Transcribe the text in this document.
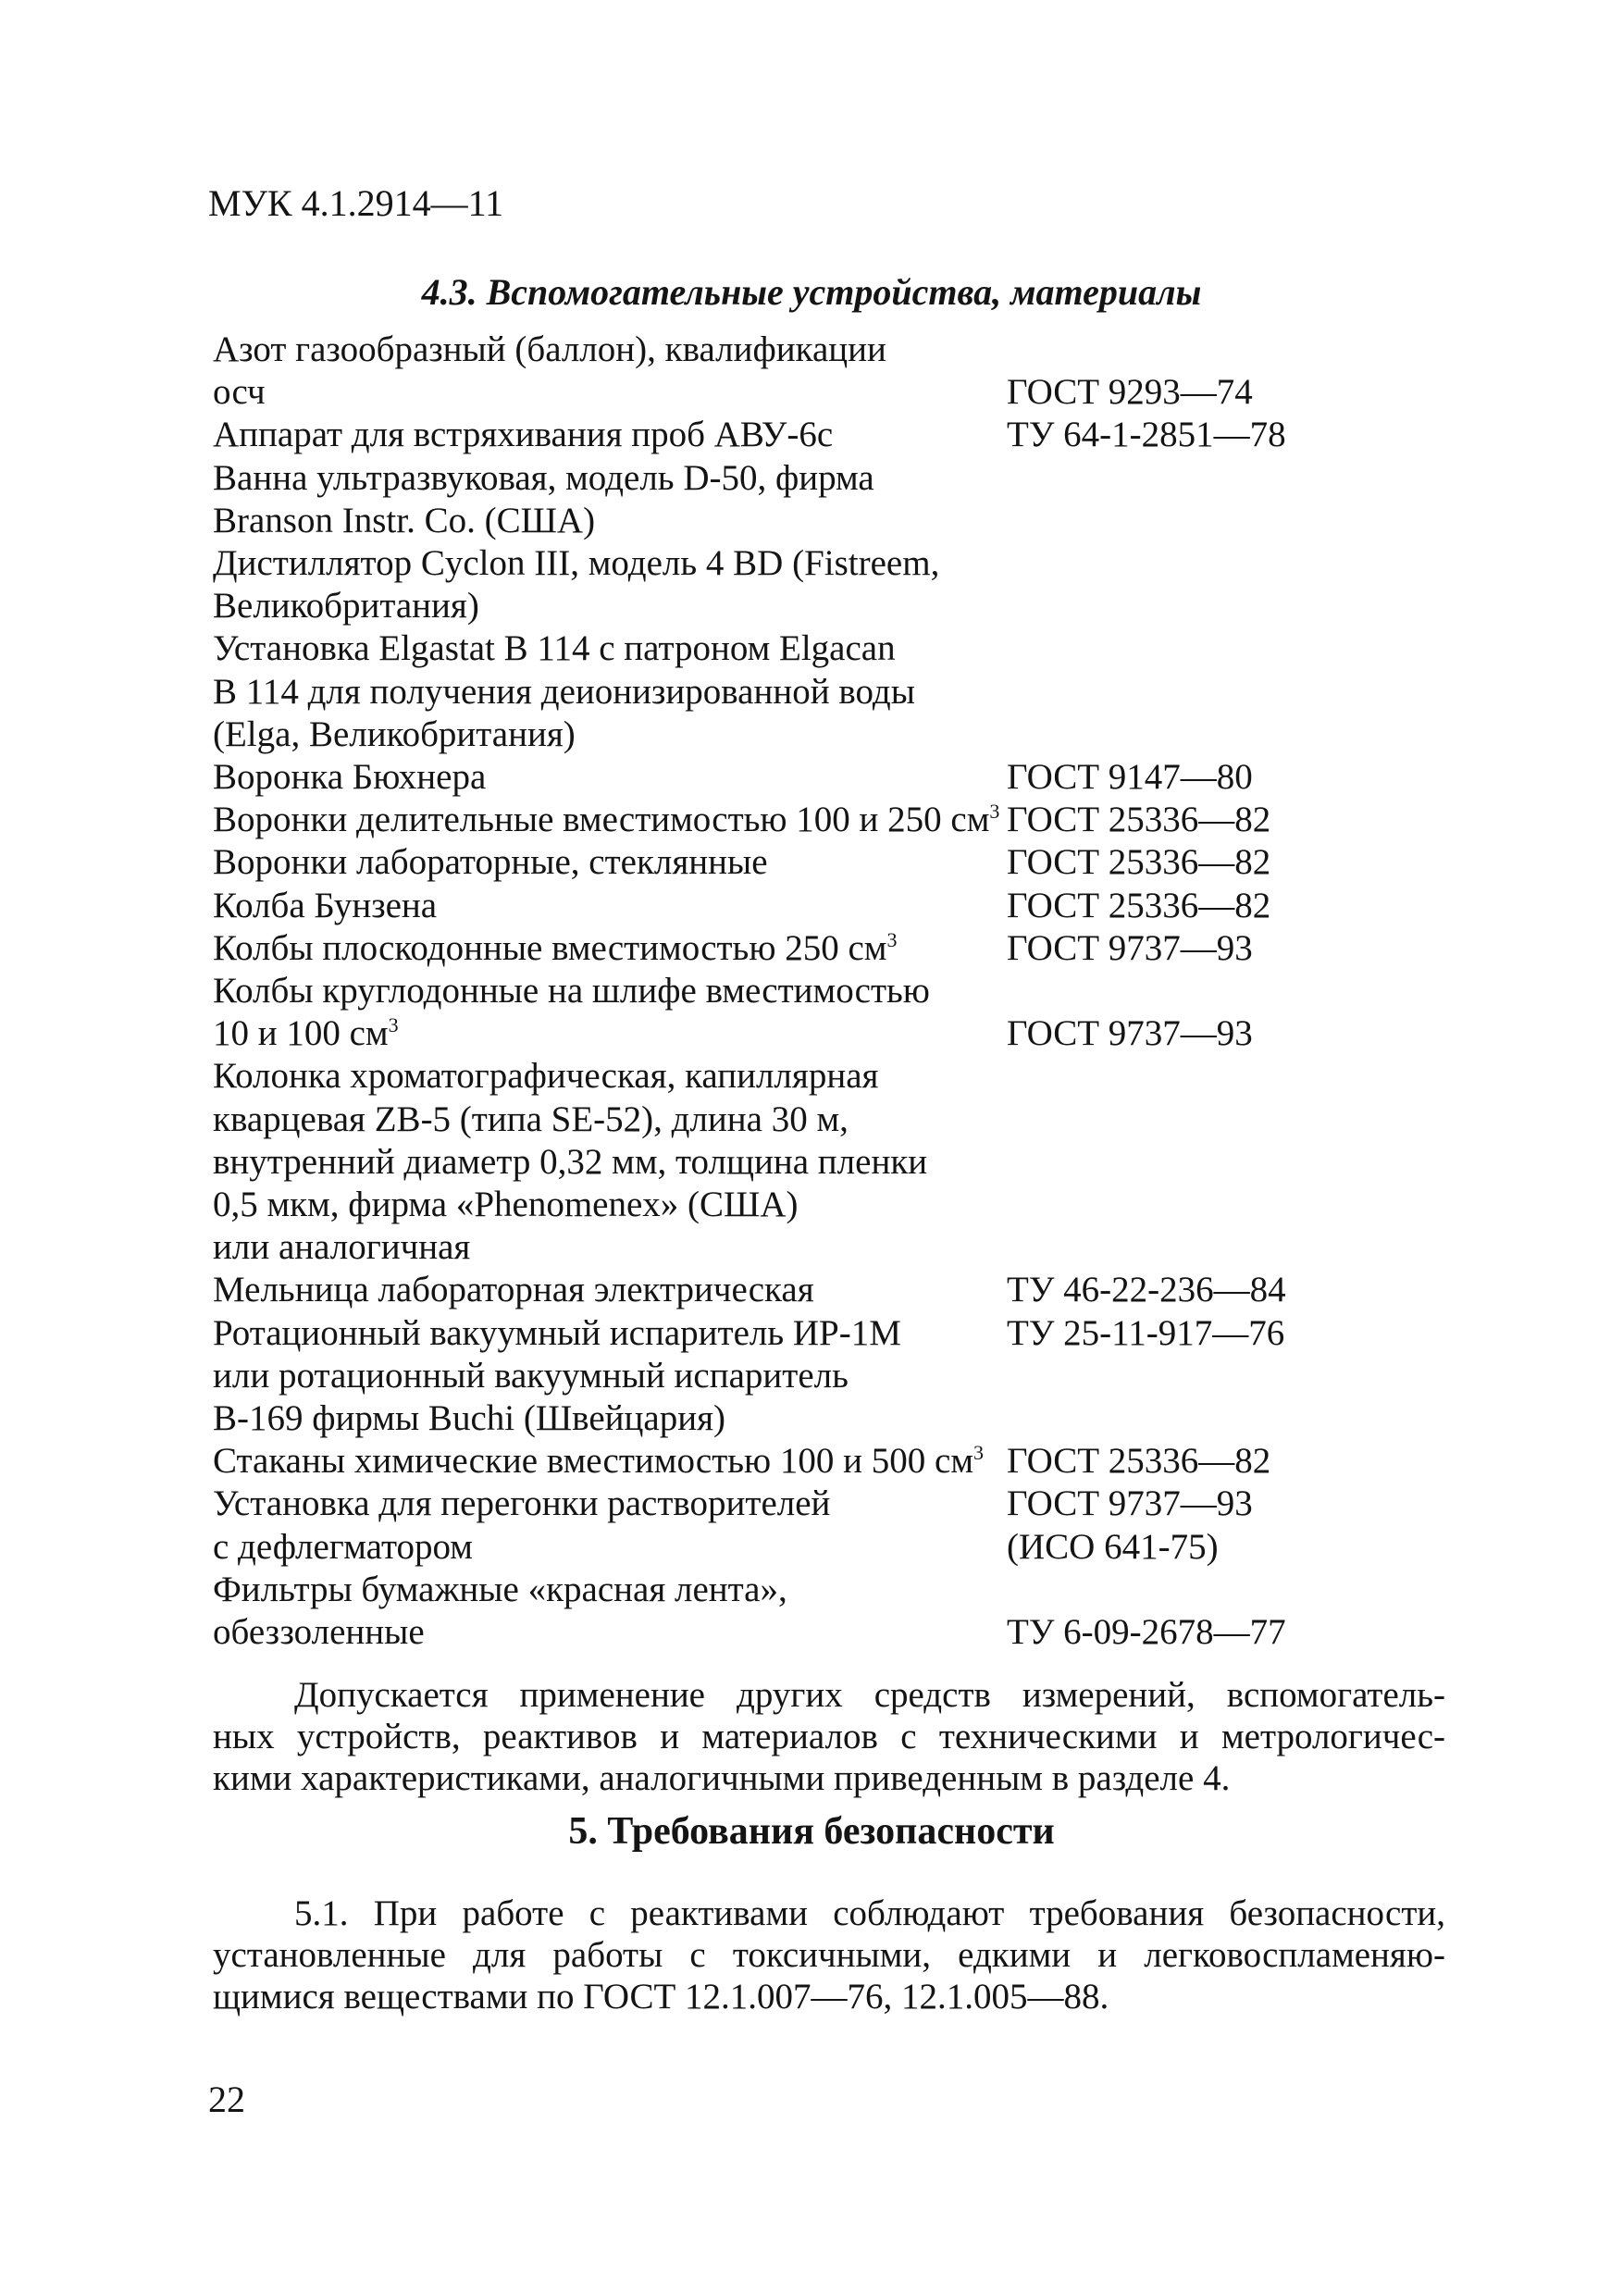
МУК 4.1.2914—11
4.3. Вспомогательные устройства, материалы
Азот газообразный (баллон), квалификации
осч	ГОСТ 9293—74
Аппарат для встряхивания проб АВУ-6с	ТУ 64-1-2851—78
Ванна ультразвуковая, модель D-50, фирма
Branson Instr. Co. (США)
Дистиллятор Cyclon III, модель 4 BD (Fistreem,
Великобритания)
Установка Elgastat B 114 с патроном Elgacan
B 114 для получения деионизированной воды
(Elga, Великобритания)
Воронка Бюхнера	ГОСТ 9147—80
Воронки делительные вместимостью 100 и 250 $см^3$ ГОСТ 25336—82
Воронки лабораторные, стеклянные	ГОСТ 25336—82
Колба Бунзена	ГОСТ 25336—82
Колбы плоскодонные вместимостью 250 $см^3$	ГОСТ 9737—93
Колбы круглодонные на шлифе вместимостью
10 и 100 $см^3$	ГОСТ 9737—93
Колонка хроматографическая, капиллярная
кварцевая ZB-5 (типа SE-52), длина 30 м,
внутренний диаметр 0,32 мм, толщина пленки
0,5 мкм, фирма «Phenomenex» (США)
или аналогичная
Мельница лабораторная электрическая	ТУ 46-22-236—84
Ротационный вакуумный испаритель ИР-1М	ТУ 25-11-917—76
или ротационный вакуумный испаритель
B-169 фирмы Buchi (Швейцария)
Стаканы химические вместимостью 100 и 500 $см^3$ ГОСТ 25336—82
Установка для перегонки растворителей	ГОСТ 9737—93
с дефлегматором	(ИСО 641-75)
Фильтры бумажные «красная лента»,
обеззоленные	ТУ 6-09-2678—77
Допускается применение других средств измерений, вспомогатель-
ных устройств, реактивов и материалов с техническими и метрологичес-
кими характеристиками, аналогичными приведенным в разделе 4.
5. Требования безопасности
5.1. При работе с реактивами соблюдают требования безопасности,
установленные для работы с токсичными, едкими и легковоспламеняю-
щимися веществами по ГОСТ 12.1.007—76, 12.1.005—88.
22
